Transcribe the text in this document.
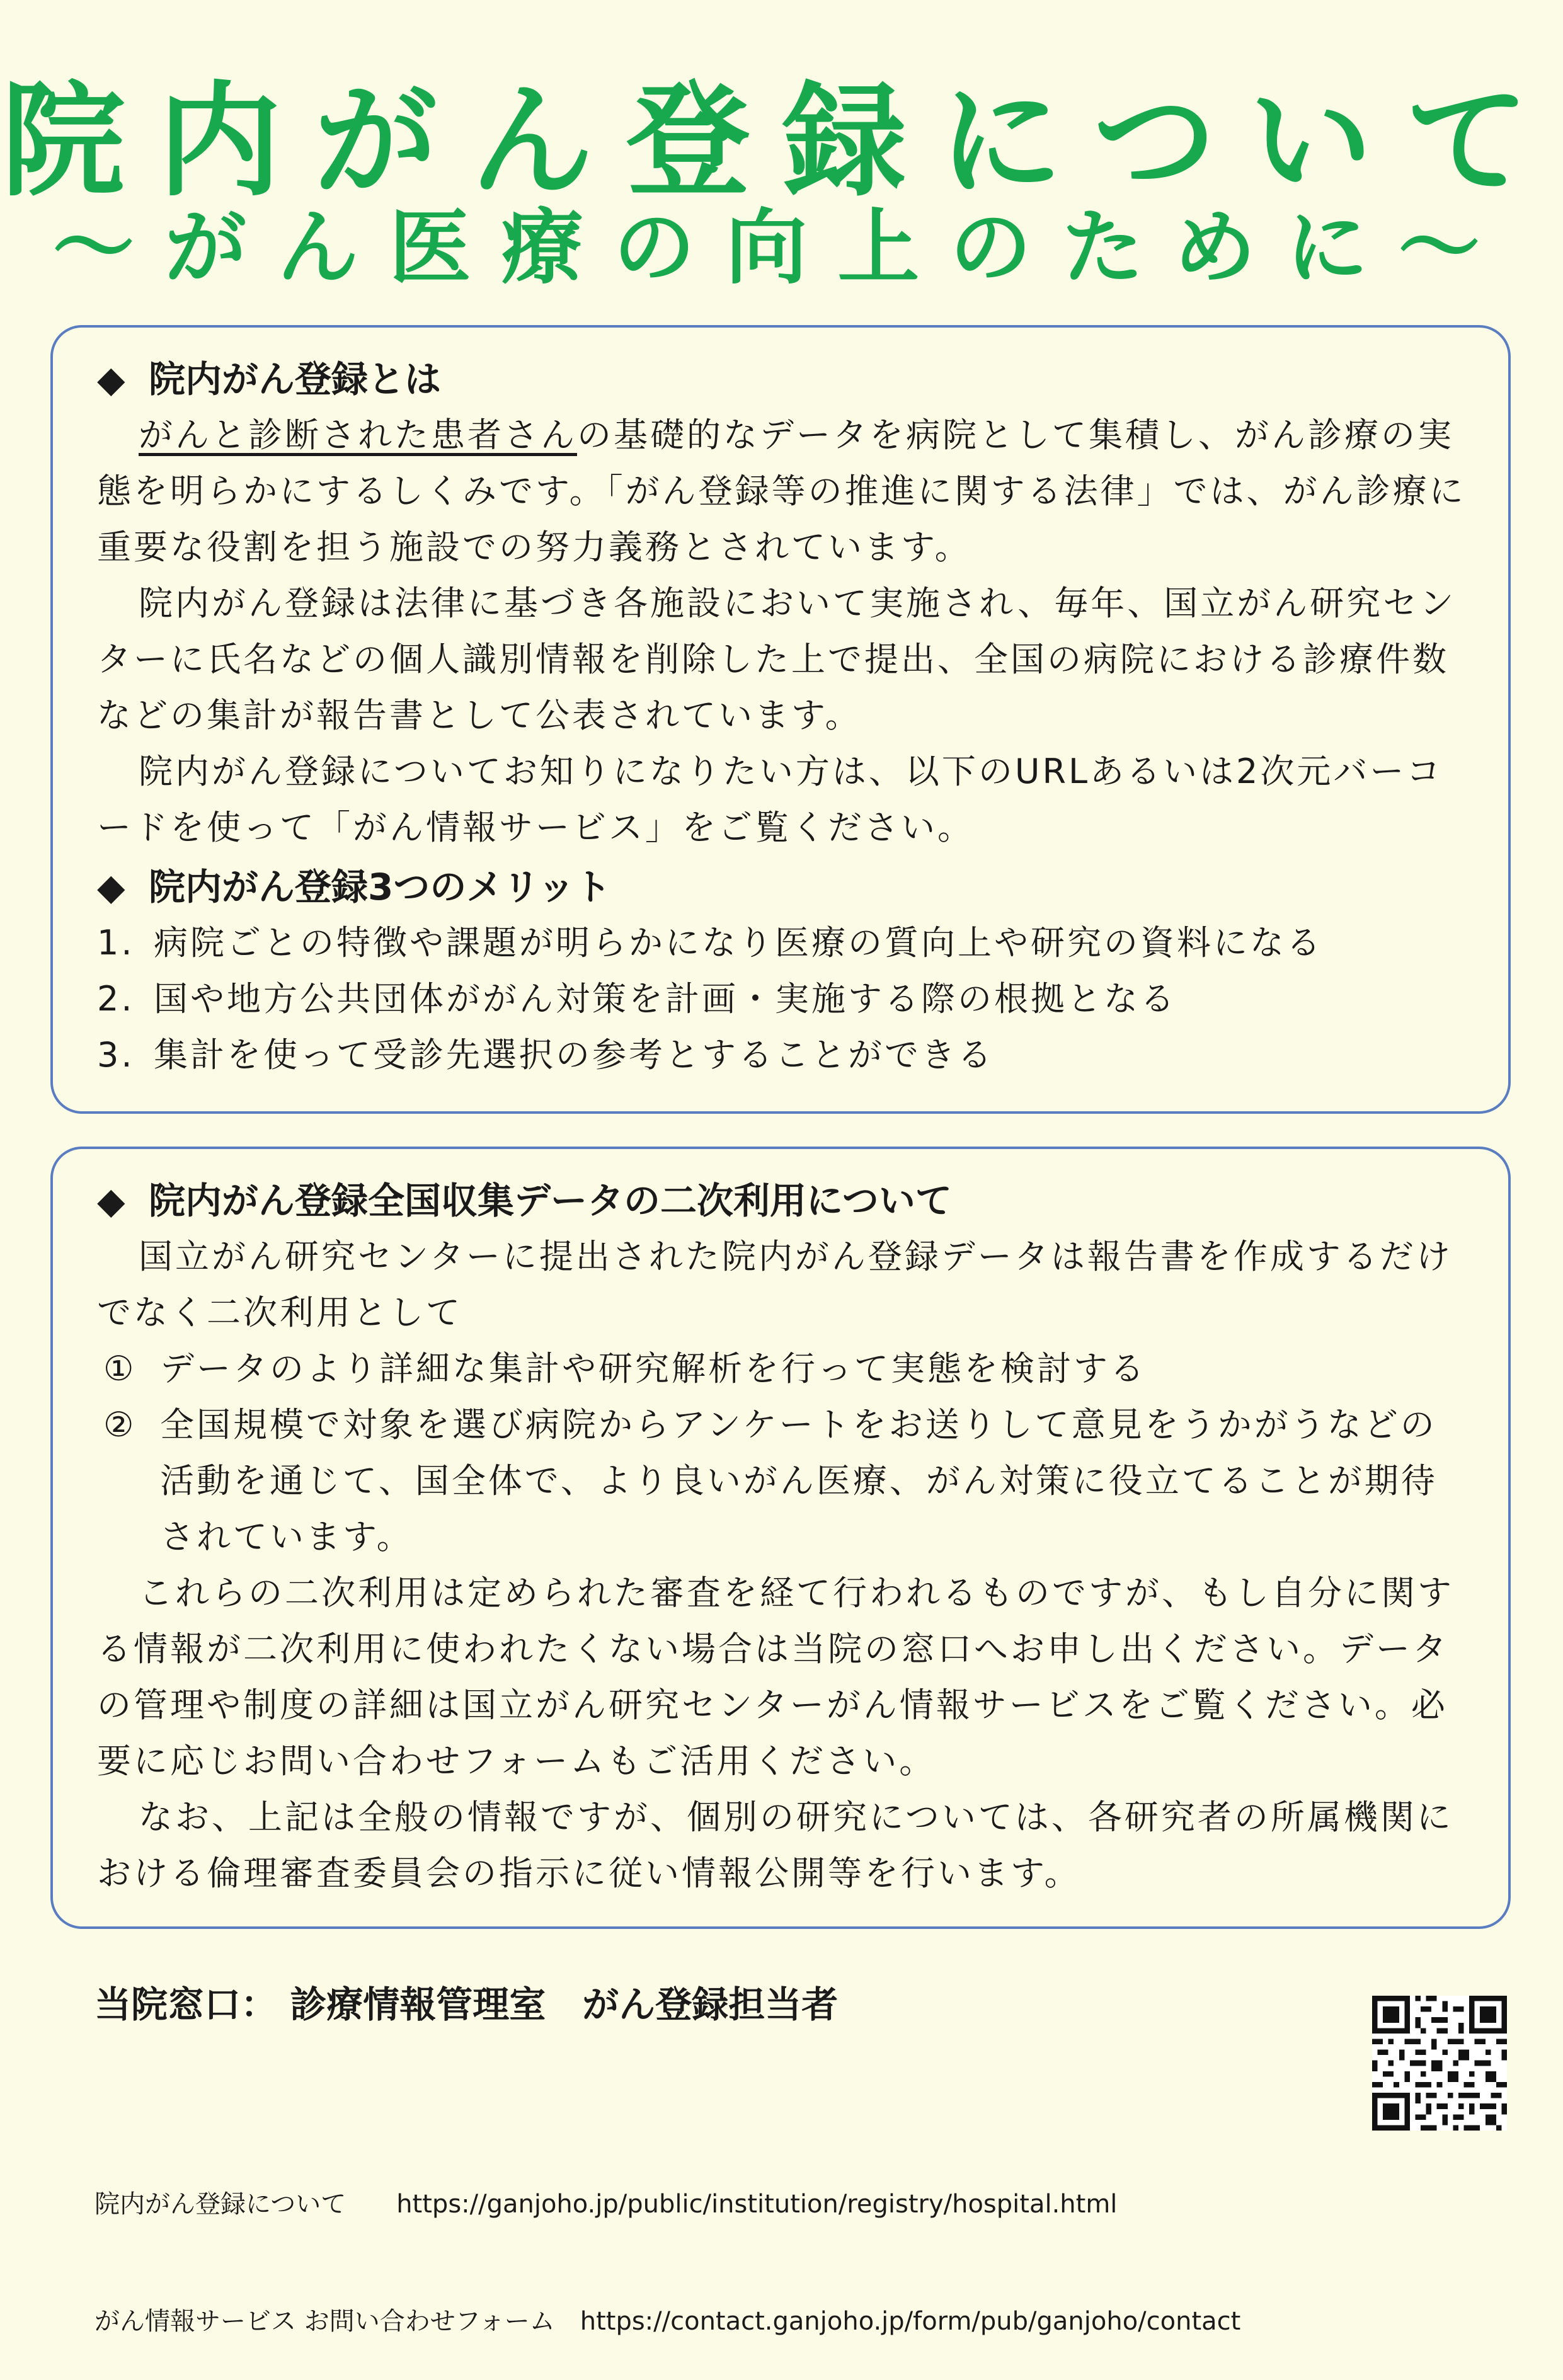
院内がん登録について
〜がん医療の向上のために〜
◆ 院内がん登録とは
がんと診断された患者さんの基礎的なデータを病院として集積し、がん診療の実態を明らかにするしくみです。「がん登録等の推進に関する法律」では、がん診療に重要な役割を担う施設での努力義務とされています。
院内がん登録は法律に基づき各施設において実施され、毎年、国立がん研究センターに氏名などの個人識別情報を削除した上で提出、全国の病院における診療件数などの集計が報告書として公表されています。
院内がん登録についてお知りになりたい方は、以下のURLあるいは2次元バーコードを使って「がん情報サービス」をご覧ください。
◆ 院内がん登録3つのメリット
1. 病院ごとの特徴や課題が明らかになり医療の質向上や研究の資料になる
2. 国や地方公共団体ががん対策を計画・実施する際の根拠となる
3. 集計を使って受診先選択の参考とすることができる
◆ 院内がん登録全国収集データの二次利用について
国立がん研究センターに提出された院内がん登録データは報告書を作成するだけでなく二次利用として
① データのより詳細な集計や研究解析を行って実態を検討する
② 全国規模で対象を選び病院からアンケートをお送りして意見をうかがうなどの活動を通じて、国全体で、より良いがん医療、がん対策に役立てることが期待されています。
これらの二次利用は定められた審査を経て行われるものですが、もし自分に関する情報が二次利用に使われたくない場合は当院の窓口へお申し出ください。データの管理や制度の詳細は国立がん研究センターがん情報サービスをご覧ください。必要に応じお問い合わせフォームもご活用ください。
なお、上記は全般の情報ですが、個別の研究については、各研究者の所属機関における倫理審査委員会の指示に従い情報公開等を行います。
当院窓口： 診療情報管理室　がん登録担当者

院内がん登録について　　 https://ganjoho.jp/public/institution/registry/hospital.html

がん情報サービス お問い合わせフォーム　 https://contact.ganjoho.jp/form/pub/ganjoho/contact
